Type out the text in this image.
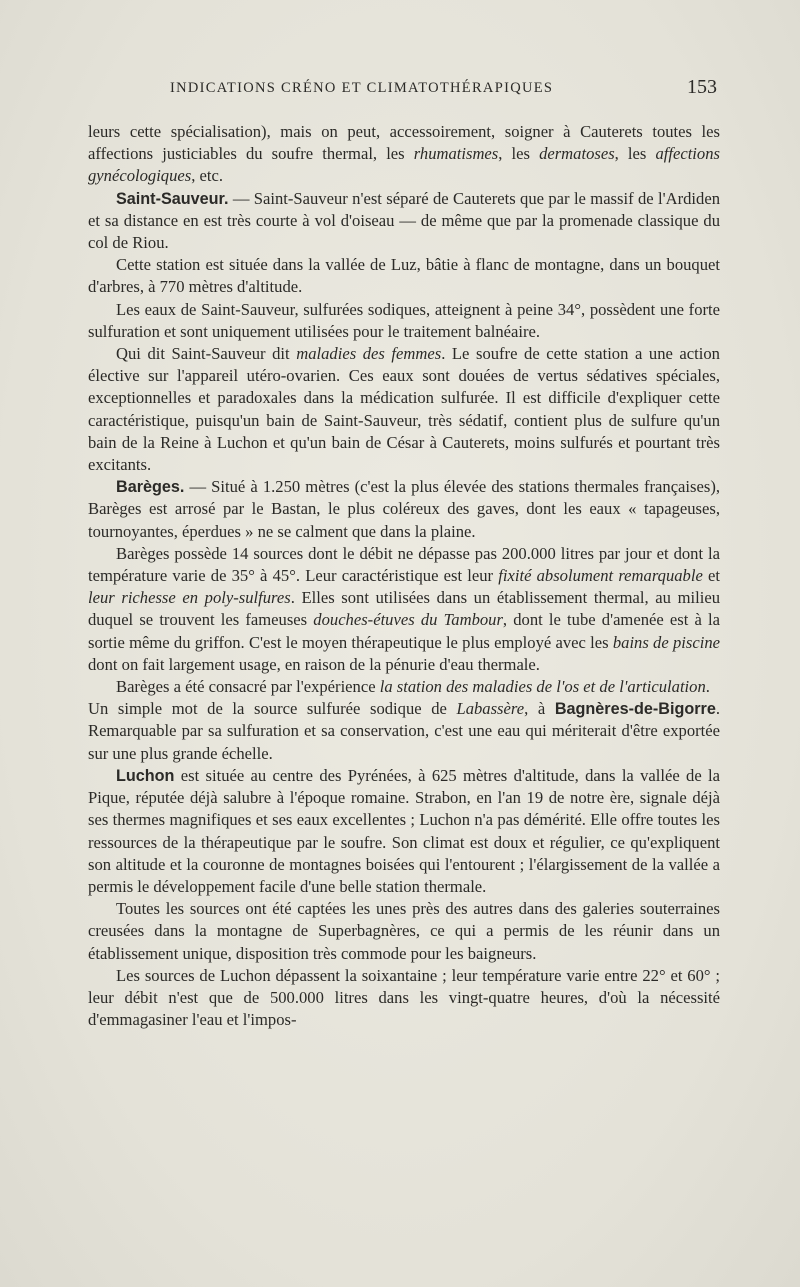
INDICATIONS CRÉNO ET CLIMATOTHÉRAPIQUES	153

leurs cette spécialisation), mais on peut, accessoirement, soigner à Cauterets toutes les affections justiciables du soufre thermal, les rhumatismes, les dermatoses, les affections gynécologiques, etc.

Saint-Sauveur. — Saint-Sauveur n'est séparé de Cauterets que par le massif de l'Ardiden et sa distance en est très courte à vol d'oiseau — de même que par la promenade classique du col de Riou.

Cette station est située dans la vallée de Luz, bâtie à flanc de montagne, dans un bouquet d'arbres, à 770 mètres d'altitude.

Les eaux de Saint-Sauveur, sulfurées sodiques, atteignent à peine 34°, possèdent une forte sulfuration et sont uniquement utilisées pour le traitement balnéaire.

Qui dit Saint-Sauveur dit maladies des femmes. Le soufre de cette station a une action élective sur l'appareil utéro-ovarien. Ces eaux sont douées de vertus sédatives spéciales, exceptionnelles et paradoxales dans la médication sulfurée. Il est difficile d'expliquer cette caractéristique, puisqu'un bain de Saint-Sauveur, très sédatif, contient plus de sulfure qu'un bain de la Reine à Luchon et qu'un bain de César à Cauterets, moins sulfurés et pourtant très excitants.

Barèges. — Situé à 1.250 mètres (c'est la plus élevée des stations thermales françaises), Barèges est arrosé par le Bastan, le plus coléreux des gaves, dont les eaux « tapageuses, tournoyantes, éperdues » ne se calment que dans la plaine.

Barèges possède 14 sources dont le débit ne dépasse pas 200.000 litres par jour et dont la température varie de 35° à 45°. Leur caractéristique est leur fixité absolument remarquable et leur richesse en poly-sulfures. Elles sont utilisées dans un établissement thermal, au milieu duquel se trouvent les fameuses douches-étuves du Tambour, dont le tube d'amenée est à la sortie même du griffon. C'est le moyen thérapeutique le plus employé avec les bains de piscine dont on fait largement usage, en raison de la pénurie d'eau thermale.

Barèges a été consacré par l'expérience la station des maladies de l'os et de l'articulation.

Un simple mot de la source sulfurée sodique de Labassère, à Bagnères-de-Bigorre. Remarquable par sa sulfuration et sa conservation, c'est une eau qui mériterait d'être exportée sur une plus grande échelle.

Luchon est située au centre des Pyrénées, à 625 mètres d'altitude, dans la vallée de la Pique, réputée déjà salubre à l'époque romaine. Strabon, en l'an 19 de notre ère, signale déjà ses thermes magnifiques et ses eaux excellentes ; Luchon n'a pas démérité. Elle offre toutes les ressources de la thérapeutique par le soufre. Son climat est doux et régulier, ce qu'expliquent son altitude et la couronne de montagnes boisées qui l'entourent ; l'élargissement de la vallée a permis le développement facile d'une belle station thermale.

Toutes les sources ont été captées les unes près des autres dans des galeries souterraines creusées dans la montagne de Superbagnères, ce qui a permis de les réunir dans un établissement unique, disposition très commode pour les baigneurs.

Les sources de Luchon dépassent la soixantaine ; leur température varie entre 22° et 60° ; leur débit n'est que de 500.000 litres dans les vingt-quatre heures, d'où la nécessité d'emmagasiner l'eau et l'impos-
